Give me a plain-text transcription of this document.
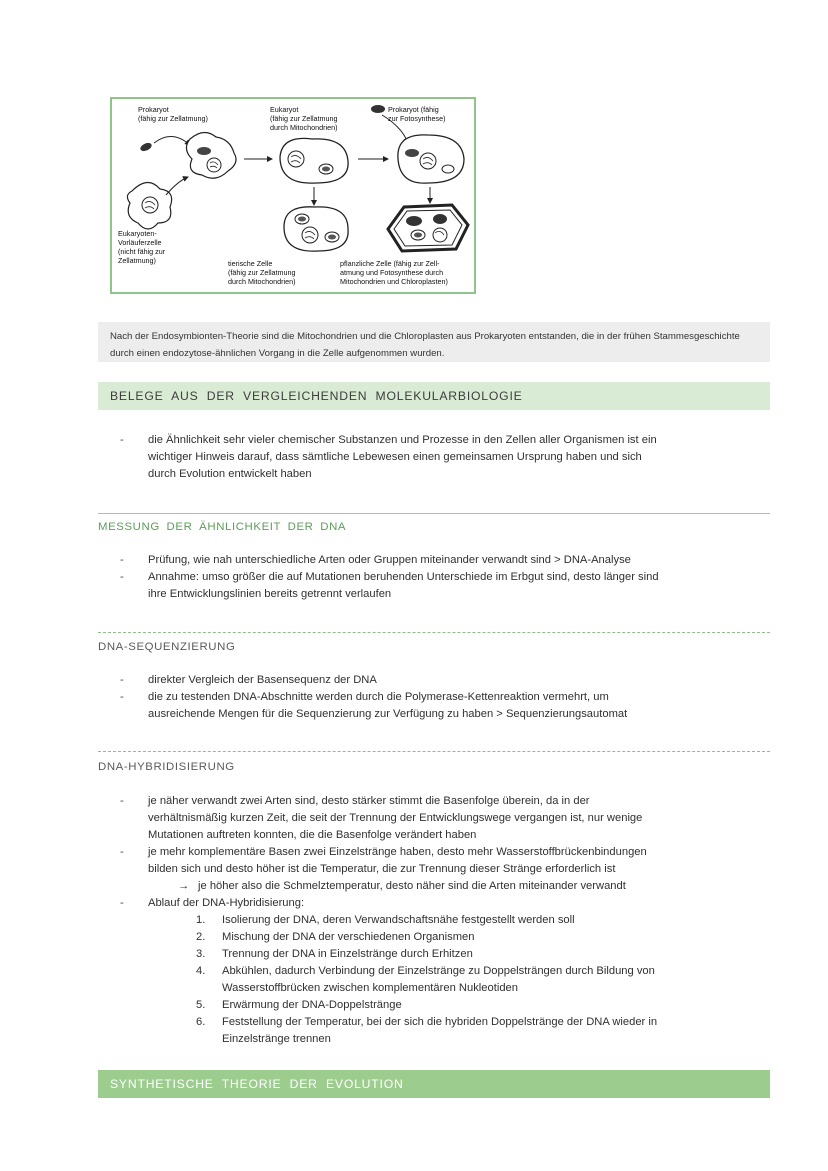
Prokaryot
(fähig zur Zellatmung)
Eukaryot
(fähig zur Zellatmung
durch Mitochondrien)
Prokaryot (fähig
zur Fotosynthese)
Eukaryoten-
Vorläuferzelle
(nicht fähig zur
Zellatmung)	tierische Zelle
(fähig zur Zellatmung
durch Mitochondrien)
pflanzliche Zelle (fähig zur Zell-
atmung und Fotosynthese durch
Mitochondrien und Chloroplasten)
Nach der Endosymbionten-Theorie sind die Mitochondrien und die Chloroplasten aus Prokaryoten entstanden, die in der frühen Stammesgeschichte durch einen endozytose-ähnlichen Vorgang in die Zelle aufgenommen wurden.
BELEGE AUS DER VERGLEICHENDEN MOLEKULARBIOLOGIE
- die Ähnlichkeit sehr vieler chemischer Substanzen und Prozesse in den Zellen aller Organismen ist ein
wichtiger Hinweis darauf, dass sämtliche Lebewesen einen gemeinsamen Ursprung haben und sich
durch Evolution entwickelt haben
MESSUNG DER ÄHNLICHKEIT DER DNA
- Prüfung, wie nah unterschiedliche Arten oder Gruppen miteinander verwandt sind > DNA-Analyse
- Annahme: umso größer die auf Mutationen beruhenden Unterschiede im Erbgut sind, desto länger sind
ihre Entwicklungslinien bereits getrennt verlaufen
DNA-SEQUENZIERUNG
- direkter Vergleich der Basensequenz der DNA
- die zu testenden DNA-Abschnitte werden durch die Polymerase-Kettenreaktion vermehrt, um
ausreichende Mengen für die Sequenzierung zur Verfügung zu haben > Sequenzierungsautomat
DNA-HYBRIDISIERUNG
- je näher verwandt zwei Arten sind, desto stärker stimmt die Basenfolge überein, da in der
verhältnismäßig kurzen Zeit, die seit der Trennung der Entwicklungswege vergangen ist, nur wenige
Mutationen auftreten konnten, die die Basenfolge verändert haben
- je mehr komplementäre Basen zwei Einzelstränge haben, desto mehr Wasserstoffbrückenbindungen
bilden sich und desto höher ist die Temperatur, die zur Trennung dieser Stränge erforderlich ist
→ je höher also die Schmelztemperatur, desto näher sind die Arten miteinander verwandt
- Ablauf der DNA-Hybridisierung:
1. Isolierung der DNA, deren Verwandschaftsnähe festgestellt werden soll
2. Mischung der DNA der verschiedenen Organismen
3. Trennung der DNA in Einzelstränge durch Erhitzen
4. Abkühlen, dadurch Verbindung der Einzelstränge zu Doppelsträngen durch Bildung von
Wasserstoffbrücken zwischen komplementären Nukleotiden
5. Erwärmung der DNA-Doppelstränge
6. Feststellung der Temperatur, bei der sich die hybriden Doppelstränge der DNA wieder in
Einzelstränge trennen
SYNTHETISCHE THEORIE DER EVOLUTION
